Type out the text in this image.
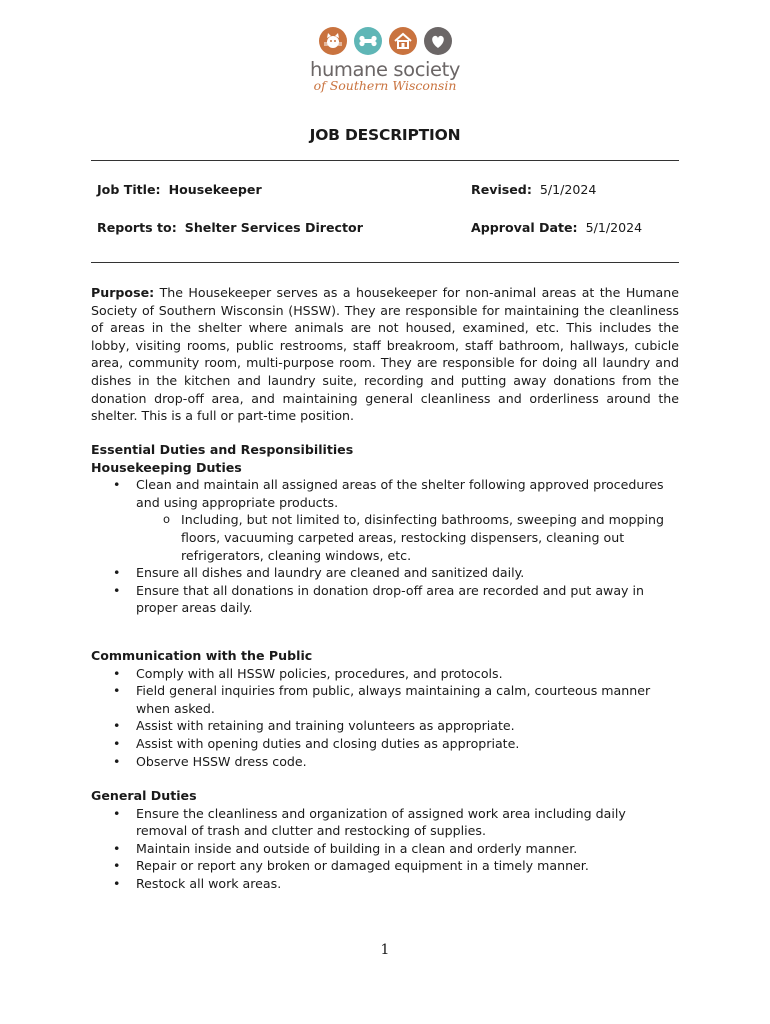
humane society
of Southern Wisconsin
JOB DESCRIPTION
Job Title: Housekeeper	Revised: 5/1/2024
Reports to: Shelter Services Director	Approval Date: 5/1/2024
Purpose: The Housekeeper serves as a housekeeper for non-animal areas at the Humane Society of Southern Wisconsin (HSSW). They are responsible for maintaining the cleanliness of areas in the shelter where animals are not housed, examined, etc. This includes the lobby, visiting rooms, public restrooms, staff breakroom, staff bathroom, hallways, cubicle area, community room, multi-purpose room. They are responsible for doing all laundry and dishes in the kitchen and laundry suite, recording and putting away donations from the donation drop-off area, and maintaining general cleanliness and orderliness around the shelter. This is a full or part-time position.

Essential Duties and Responsibilities

Housekeeping Duties

• Clean and maintain all assigned areas of the shelter following approved procedures and using appropriate products.
o Including, but not limited to, disinfecting bathrooms, sweeping and mopping floors, vacuuming carpeted areas, restocking dispensers, cleaning out refrigerators, cleaning windows, etc.
• Ensure all dishes and laundry are cleaned and sanitized daily.
• Ensure that all donations in donation drop-off area are recorded and put away in proper areas daily.

Communication with the Public

• Comply with all HSSW policies, procedures, and protocols.
• Field general inquiries from public, always maintaining a calm, courteous manner when asked.
• Assist with retaining and training volunteers as appropriate.
• Assist with opening duties and closing duties as appropriate.
• Observe HSSW dress code.

General Duties

• Ensure the cleanliness and organization of assigned work area including daily removal of trash and clutter and restocking of supplies.
• Maintain inside and outside of building in a clean and orderly manner.
• Repair or report any broken or damaged equipment in a timely manner.
• Restock all work areas.
1
